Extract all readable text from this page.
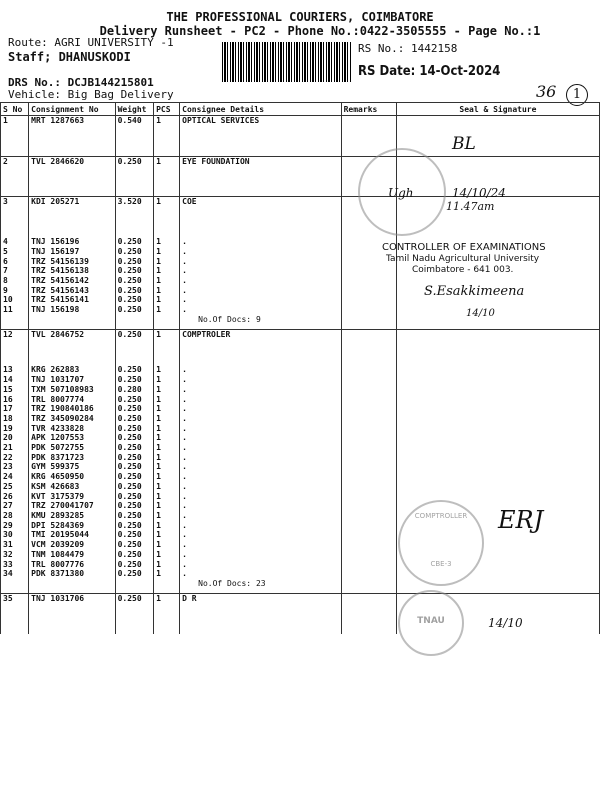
THE PROFESSIONAL COURIERS, COIMBATORE
Delivery Runsheet - PC2 - Phone No.:0422-3505555 - Page No.:1
Route: AGRI UNIVERSITY -1
Staff; DHANUSKODI
RS No.: 1442158
RS Date: 14-Oct-2024
DRS No.: DCJB144215801
Vehicle: Big Bag Delivery	36	1
S No	Consignment No	Weight	PCS	Consignee Details	Remarks	Seal & Signature
1	MRT 1287663	0.540	1	OPTICAL SERVICES		

2	TVL 2846620	0.250	1	EYE FOUNDATION		

3	KDI 205271	3.520	1	COE		

4	TNJ 156196	0.250	1	.		
5	TNJ 156197	0.250	1	.		
6	TRZ 54156139	0.250	1	.		
7	TRZ 54156138	0.250	1	.		
8	TRZ 54156142	0.250	1	.		
9	TRZ 54156143	0.250	1	.		
10	TRZ 54156141	0.250	1	.		
11	TNJ 156198	0.250	1	.		
				No.Of Docs: 9		
12	TVL 2846752	0.250	1	COMPTROLER		

13	KRG 262883	0.250	1	.		
14	TNJ 1031707	0.250	1	.		
15	TXM 507108983	0.280	1	.		
16	TRL 8007774	0.250	1	.		
17	TRZ 190840186	0.250	1	.		
18	TRZ 345090284	0.250	1	.		
19	TVR 4233828	0.250	1	.		
20	APK 1207553	0.250	1	.		
21	PDK 5072755	0.250	1	.		
22	PDK 8371723	0.250	1	.		
23	GYM 599375	0.250	1	.		
24	KRG 4650950	0.250	1	.		
25	KSM 426683	0.250	1	.		
26	KVT 3175379	0.250	1	.		
27	TRZ 270041707	0.250	1	.		
28	KMU 2893285	0.250	1	.		
29	DPI 5284369	0.250	1	.		
30	TMI 20195044	0.250	1	.		
31	VCM 2039209	0.250	1	.		
32	TNM 1084479	0.250	1	.		
33	TRL 8007776	0.250	1	.		
34	PDK 8371380	0.250	1	.		
				No.Of Docs: 23		
35	TNJ 1031706	0.250	1	D R		

BL
Ugh	14/10/24
11.47am
CONTROLLER OF EXAMINATIONS
Tamil Nadu Agricultural University
Coimbatore - 641 003.
S.Esakkimeena
14/10
COMPTROLLER
CBE-3
ERJ
TNAU	14/10
